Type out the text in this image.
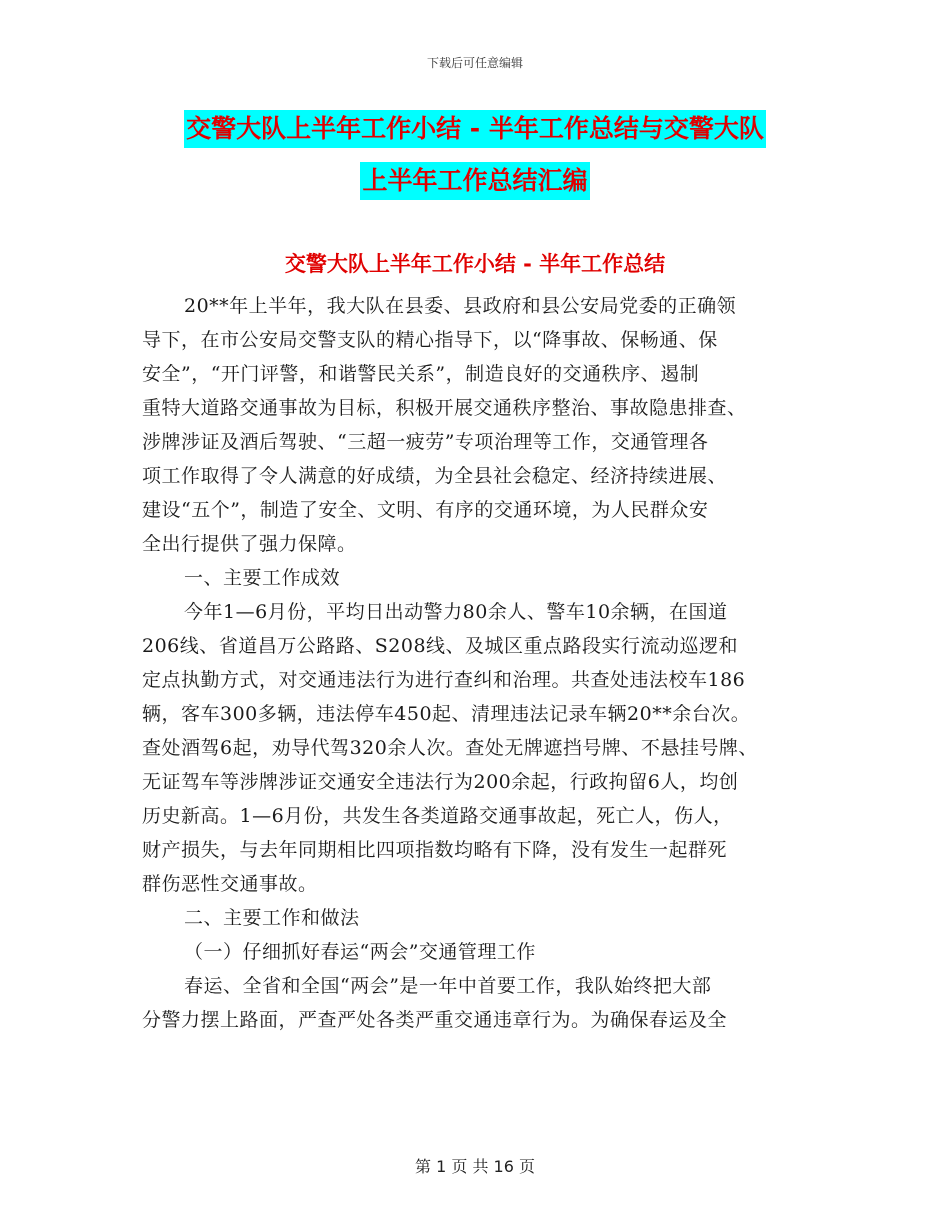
下载后可任意编辑
交警大队上半年工作小结 - 半年工作总结与交警大队
上半年工作总结汇编
交警大队上半年工作小结 - 半年工作总结
20**年上半年，我大队在县委、县政府和县公安局党委的正确领
导下，在市公安局交警支队的精心指导下，以“降事故、保畅通、保
安全”，“开门评警，和谐警民关系”，制造良好的交通秩序、遏制
重特大道路交通事故为目标，积极开展交通秩序整治、事故隐患排查、
涉牌涉证及酒后驾驶、“三超一疲劳”专项治理等工作，交通管理各
项工作取得了令人满意的好成绩，为全县社会稳定、经济持续进展、
建设“五个”，制造了安全、文明、有序的交通环境，为人民群众安
全出行提供了强力保障。
一、主要工作成效
今年1—6月份，平均日出动警力80余人、警车10余辆，在国道
206线、省道昌万公路路、S208线、及城区重点路段实行流动巡逻和
定点执勤方式，对交通违法行为进行查纠和治理。共查处违法校车186
辆，客车300多辆，违法停车450起、清理违法记录车辆20**余台次。
查处酒驾6起，劝导代驾320余人次。查处无牌遮挡号牌、不悬挂号牌、
无证驾车等涉牌涉证交通安全违法行为200余起，行政拘留6人，均创
历史新高。1—6月份，共发生各类道路交通事故起，死亡人，伤人，
财产损失，与去年同期相比四项指数均略有下降，没有发生一起群死
群伤恶性交通事故。
二、主要工作和做法
（一）仔细抓好春运“两会”交通管理工作
春运、全省和全国“两会”是一年中首要工作，我队始终把大部
分警力摆上路面，严查严处各类严重交通违章行为。为确保春运及全
第 1 页 共 16 页
